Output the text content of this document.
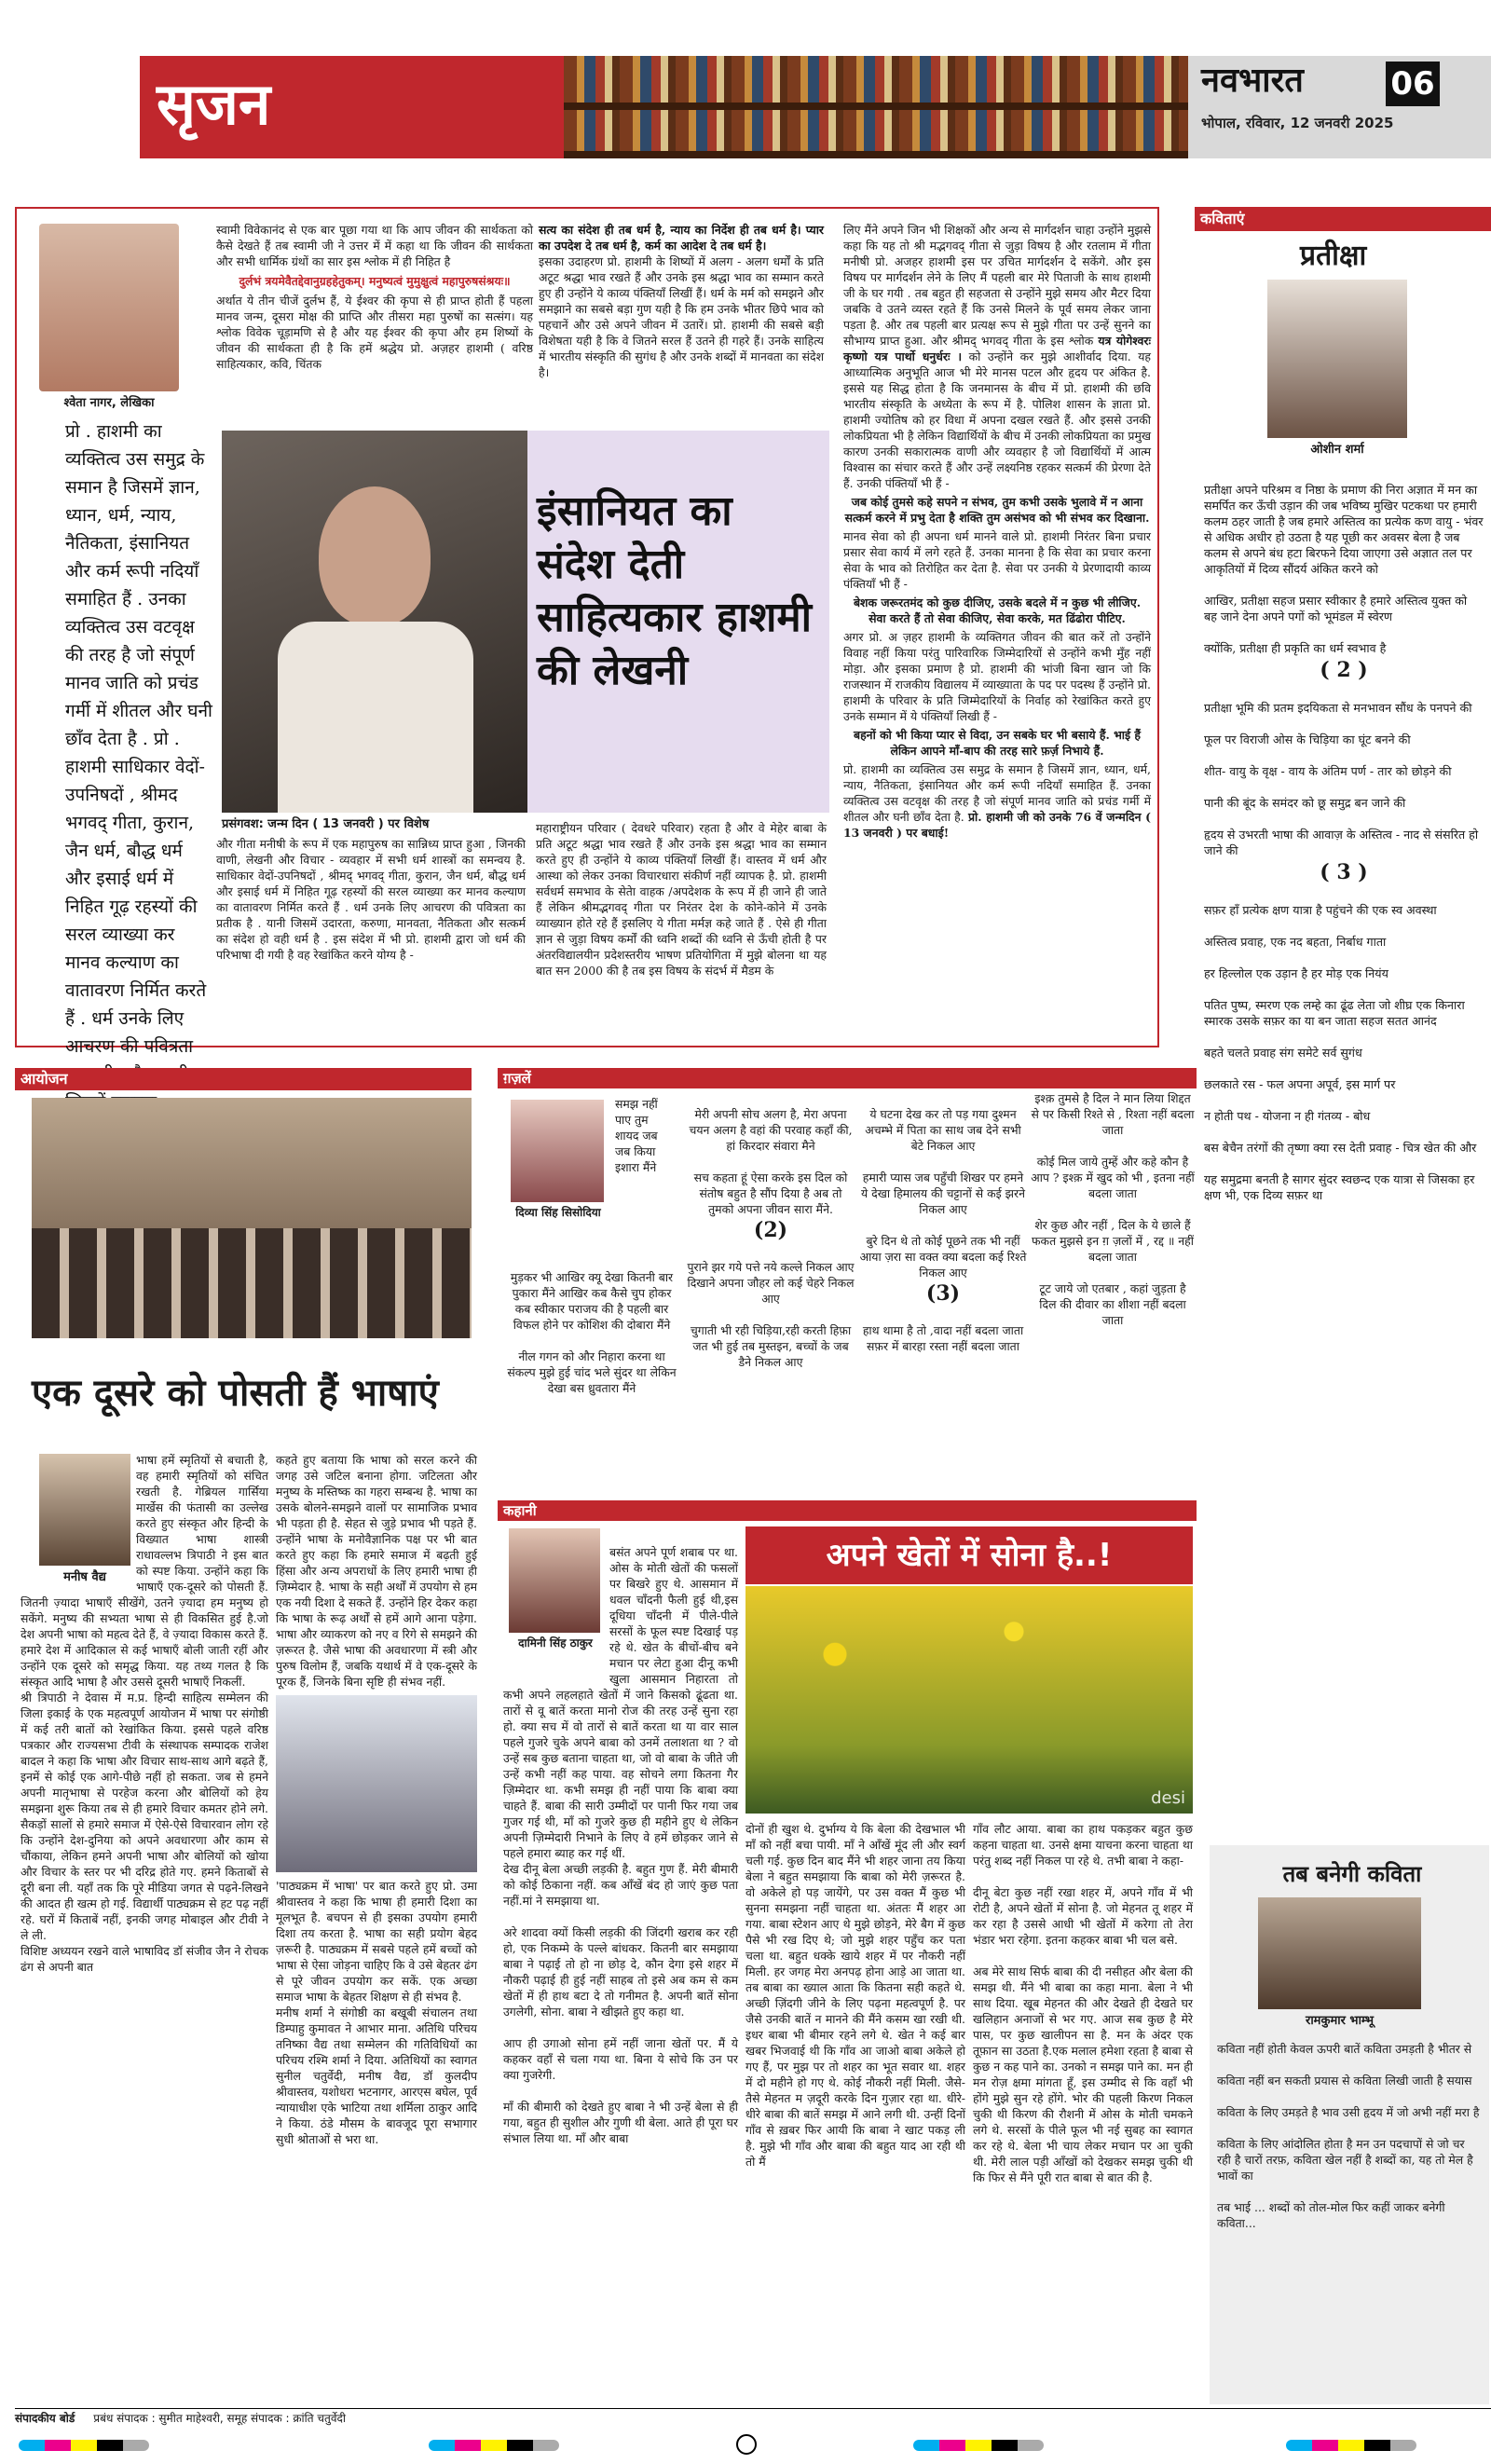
सृजन	नवभारत	06
भोपाल, रविवार, 12 जनवरी 2025
श्वेता नागर, लेखिका
प्रो . हाशमी का व्यक्तित्व उस समुद्र के समान है जिसमें ज्ञान, ध्यान, धर्म, न्याय, नैतिकता, इंसानियत और कर्म रूपी नदियाँ समाहित हैं . उनका व्यक्तित्व उस वटवृक्ष की तरह है जो संपूर्ण मानव जाति को प्रचंड गर्मी में शीतल और घनी छाँव देता है . प्रो . हाशमी साधिकार वेदों- उपनिषदों , श्रीमद भगवद् गीता, कुरान, जैन धर्म, बौद्ध धर्म और इसाई धर्म में निहित गूढ़ रहस्यों की सरल व्याख्या कर मानव कल्याण का वातावरण निर्मित करते हैं . धर्म उनके लिए आचरण की पवित्रता
स्वामी विवेकानंद से एक बार पूछा गया था कि आप जीवन की सार्थकता को कैसे देखते हैं तब स्वामी जी ने उत्तर में में कहा था कि जीवन की सार्थकता और सभी धार्मिक ग्रंथों का सार इस श्लोक में ही निहित है

दुर्लभं त्रयमेवैतद्देवानुग्रहहेतुकम्। मनुष्यत्वं मुमुक्षुत्वं महापुरुषसंश्रयः॥
अर्थात ये तीन चीजें दुर्लभ हैं, ये ईश्वर की कृपा से ही प्राप्त होती हैं पहला मानव जन्म, दूसरा मोक्ष की प्राप्ति और तीसरा महा पुरुषों का सत्संग। यह श्लोक विवेक चूड़ामणि से है और यह ईश्वर की कृपा और हम शिष्यों के जीवन की सार्थकता ही है कि हमें श्रद्धेय प्रो. अज़हर हाशमी ( वरिष्ठ साहित्यकार, कवि, चिंतक
इंसानियत का संदेश देती साहित्यकार हाशमी की लेखनी
प्रसंगवश: जन्म दिन ( 13 जनवरी ) पर विशेष
और गीता मनीषी के रूप में एक महापुरुष का सान्निध्य प्राप्त हुआ , जिनकी वाणी, लेखनी और विचार - व्यवहार में सभी धर्म शास्त्रों का समन्वय है. साधिकार वेदों-उपनिषदों , श्रीमद् भगवद् गीता, कुरान, जैन धर्म, बौद्ध धर्म और इसाई धर्म में निहित गूढ़ रहस्यों की सरल व्याख्या कर मानव कल्याण का वातावरण निर्मित करते हैं . धर्म उनके लिए आचरण की पवित्रता का प्रतीक है . यानी जिसमें उदारता, करुणा, मानवता, नैतिकता और सत्कर्म का संदेश हो वही धर्म है . इस संदेश में भी प्रो. हाशमी द्वारा जो धर्म की परिभाषा दी गयी है वह रेखांकित करने योग्य है -
सत्य का संदेश ही तब धर्म है, न्याय का निर्देश ही तब धर्म है। प्यार का उपदेश दे तब धर्म है, कर्म का आदेश दे तब धर्म है।
इसका उदाहरण प्रो. हाशमी के शिष्यों में अलग - अलग धर्मों के प्रति अटूट श्रद्धा भाव रखते हैं और उनके इस श्रद्धा भाव का सम्मान करते हुए ही उन्होंने ये काव्य पंक्तियाँ लिखीं हैं। धर्म के मर्म को समझने और समझाने का सबसे बड़ा गुण यही है कि हम उनके भीतर छिपे भाव को पहचानें और उसे अपने जीवन में उतारें। प्रो. हाशमी की सबसे बड़ी विशेषता यही है कि वे जितने सरल हैं उतने ही गहरे हैं। उनके साहित्य में भारतीय संस्कृति की सुगंध है और उनके शब्दों में मानवता का संदेश है।
महाराष्ट्रीयन परिवार ( देवधरे परिवार) रहता है और वे मेहेर बाबा के प्रति अटूट श्रद्धा भाव रखते हैं और उनके इस श्रद्धा भाव का सम्मान करते हुए ही उन्होंने ये काव्य पंक्तियाँ लिखीं हैं। वास्तव में धर्म और आस्था को लेकर उनका विचारधारा संकीर्ण नहीं व्यापक है. प्रो. हाशमी सर्वधर्म समभाव के सेतेा वाहक /अपदेशक के रूप में ही जाने ही जाते हैं लेकिन श्रीमद्भगवद् गीता पर निरंतर देश के कोने-कोने में उनके व्याख्यान होते रहे हैं इसलिए ये गीता मर्मज्ञ कहे जाते हैं . ऐसे ही गीता ज्ञान से जुड़ा विषय कर्मों की ध्वनि शब्दों की ध्वनि से ऊँची होती है पर अंतरविद्यालयीन प्रदेशस्तरीय भाषण प्रतियोगिता में मुझे बोलना था यह बात सन 2000 की है तब इस विषय के संदर्भ में मैडम के
लिए मैंने अपने जिन भी शिक्षकों और अन्य से मार्गदर्शन चाहा उन्होंने मुझसे कहा कि यह तो श्री मद्भगवद् गीता से जुड़ा विषय है और रतलाम में गीता मनीषी प्रो. अजहर हाशमी इस पर उचित मार्गदर्शन दे सकेंगे. और इस विषय पर मार्गदर्शन लेने के लिए मैं पहली बार मेरे पिताजी के साथ हाशमी जी के घर गयी . तब बहुत ही सहजता से उन्होंने मुझे समय और मैटर दिया जबकि वे उतने व्यस्त रहते हैं कि उनसे मिलने के पूर्व समय लेकर जाना पड़ता है. और तब पहली बार प्रत्यक्ष रूप से मुझे गीता पर उन्हें सुनने का सौभाग्य प्राप्त हुआ. और श्रीमद् भगवद् गीता के इस श्लोक यत्र योगेश्वरः कृष्णो यत्र पार्थो धनुर्धरः । को उन्होंने कर मुझे आशीर्वाद दिया. यह आध्यात्मिक अनुभूति आज भी मेरे मानस पटल और हृदय पर अंकित है. इससे यह सिद्ध होता है कि जनमानस के बीच में प्रो. हाशमी की छवि भारतीय संस्कृति के अध्येता के रूप में है. पोलिश शासन के ज्ञाता प्रो. हाशमी ज्योतिष को हर विधा में अपना दखल रखते हैं. और इससे उनकी लोकप्रियता भी है लेकिन विद्यार्थियों के बीच में उनकी लोकप्रियता का प्रमुख कारण उनकी सकारात्मक वाणी और व्यवहार है जो विद्यार्थियों में आत्म विश्वास का संचार करते हैं और उन्हें लक्ष्यनिष्ठ रहकर सत्कर्म की प्रेरणा देते हैं. उनकी पंक्तियाँ भी हैं -
जब कोई तुमसे कहे सपने न संभव, तुम कभी उसके भुलावे में न आना सत्कर्म करने में प्रभु देता है शक्ति तुम असंभव को भी संभव कर दिखाना.
मानव सेवा को ही अपना धर्म मानने वाले प्रो. हाशमी निरंतर बिना प्रचार प्रसार सेवा कार्य में लगे रहते हैं. उनका मानना है कि सेवा का प्रचार करना सेवा के भाव को तिरोहित कर देता है. सेवा पर उनकी ये प्रेरणादायी काव्य पंक्तियाँ भी हैं -
बेशक जरूरतमंद को कुछ दीजिए, उसके बदले में न कुछ भी लीजिए. सेवा करते हैं तो सेवा कीजिए, सेवा करके, मत ढिंढोरा पीटिए.
अगर प्रो. अ ज़हर हाशमी के व्यक्तिगत जीवन की बात करें तो उन्होंने विवाह नहीं किया परंतु पारिवारिक जिम्मेदारियों से उन्होंने कभी मुँह नहीं मोड़ा. और इसका प्रमाण है प्रो. हाशमी की भांजी बिना खान जो कि राजस्थान में राजकीय विद्यालय में व्याख्याता के पद पर पदस्थ हैं उन्होंने प्रो. हाशमी के परिवार के प्रति जिम्मेदारियों के निर्वाह को रेखांकित करते हुए उनके सम्मान में ये पंक्तियाँ लिखी हैं -
बहनों को भी किया प्यार से विदा, उन सबके घर भी बसाये हैं. भाई हैं लेकिन आपने माँ-बाप की तरह सारे फ़र्ज़ निभाये हैं.
प्रो. हाशमी का व्यक्तित्व उस समुद्र के समान है जिसमें ज्ञान, ध्यान, धर्म, न्याय, नैतिकता, इंसानियत और कर्म रूपी नदियाँ समाहित हैं. उनका व्यक्तित्व उस वटवृक्ष की तरह है जो संपूर्ण मानव जाति को प्रचंड गर्मी में शीतल और घनी छाँव देता है. प्रो. हाशमी जी को उनके 76 वें जन्मदिन ( 13 जनवरी ) पर बधाई!
कविताएं
प्रतीक्षा
ओशीन शर्मा

प्रतीक्षा अपने परिश्रम व निष्ठा के प्रमाण की निरा अज्ञात में मन का समर्पित कर ऊँची उड़ान की जब भविष्य मुखिर पटकथा पर हमारी कलम ठहर जाती है जब हमारे अस्तित्व का प्रत्येक कण वायु - भंवर से अधिक अधीर हो उठता है यह पूछी कर अवसर बेला है जब कलम से अपने बंध हटा बिरफने दिया जाएगा उसे अज्ञात तल पर आकृतियों में दिव्य सौंदर्य अंकित करने को

आखिर, प्रतीक्षा सहज प्रसार स्वीकार है हमारे अस्तित्व युक्त को बह जाने देना अपने पगों को भूमंडल में स्वेरण

क्योंकि, प्रतीक्षा ही प्रकृति का धर्म स्वभाव है

( 2 )

प्रतीक्षा भूमि की प्रतम इदयिकता से मनभावन सौंध के पनपने की

फूल पर विराजी ओस के चिड़िया का घूंट बनने की

शीत- वायु के वृक्ष - वाय के अंतिम पर्ण - तार को छोड़ने की

पानी की बूंद के समंदर को छू समुद्र बन जाने की

हृदय से उभरती भाषा की आवाज़ के अस्तित्व - नाद से संसरित हो जाने की

( 3 )

सफ़र हाँ प्रत्येक क्षण यात्रा है पहुंचने की एक स्व अवस्था

अस्तित्व प्रवाह, एक नद बहता, निर्बाध गाता

हर हिल्लोल एक उड़ान है हर मोड़ एक नियंय

पतित पुष्प, स्मरण एक लम्हे का ढूंढ लेता जो शीघ्र एक किनारा स्मारक उसके सफ़र का या बन जाता सहज सतत आनंद

बहते चलते प्रवाह संग समेटे सर्व सुगंध

छलकाते रस - फल अपना अपूर्व, इस मार्ग पर

न होती पथ - योजना न ही गंतव्य - बोध

बस बेचैन तरंगों की तृष्णा क्या रस देती प्रवाह - चित्र खेत की और

यह समुद्रमा बनती है सागर सुंदर स्वछन्द एक यात्रा से जिसका हर क्षण भी, एक दिव्य सफ़र था

तब बनेगी कविता
रामकुमार भाम्भू
कविता नहीं होती केवल ऊपरी बातें कविता उमड़ती है भीतर से

कविता नहीं बन सकती प्रयास से कविता लिखी जाती है सयास

कविता के लिए उमड़ते है भाव उसी हृदय में जो अभी नहीं मरा है

कविता के लिए आंदोलित होता है मन उन पदचापों से जो चर रही है चारों तरफ़, कविता खेल नहीं है शब्दों का, यह तो मेल है भावों का

तब भाई ... शब्दों को तोल-मोल फिर कहीं जाकर बनेगी कविता...
आयोजन
एक दूसरे को पोसती हैं भाषाएं
मनीष वैद्य
भाषा हमें स्मृतियों से बचाती है, वह हमारी स्मृतियों को संचित रखती है. गेब्रियल गार्सिया मार्खेस की फंतासी का उल्लेख करते हुए संस्कृत और हिन्दी के विख्यात भाषा शास्त्री राधावल्लभ त्रिपाठी ने इस बात को स्पष्ट किया. उन्होंने कहा कि भाषाएँ एक-दूसरे को पोसती हैं. जितनी ज़्यादा भाषाएँ सीखेंगे, उतने ज़्यादा हम मनुष्य हो सकेंगे. मनुष्य की सभ्यता भाषा से ही विकसित हुई है.जो देश अपनी भाषा को महत्व देते हैं, वे ज़्यादा विकास करते हैं. हमारे देश में आदिकाल से कई भाषाएँ बोली जाती रहीं और उन्होंने एक दूसरे को समृद्ध किया. यह तथ्य गलत है कि संस्कृत आदि भाषा है और उससे दूसरी भाषाएँ निकलीं.
श्री त्रिपाठी ने देवास में म.प्र. हिन्दी साहित्य सम्मेलन की जिला इकाई के एक महत्वपूर्ण आयोजन में भाषा पर संगोष्ठी में कई तरी बातों को रेखांकित किया. इससे पहले वरिष्ठ पत्रकार और राज्यसभा टीवी के संस्थापक सम्पादक राजेश बादल ने कहा कि भाषा और विचार साथ-साथ आगे बढ़ते हैं, इनमें से कोई एक आगे-पीछे नहीं हो सकता. जब से हमने अपनी मातृभाषा से परहेज करना और बोलियों को हेय समझना शुरू किया तब से ही हमारे विचार कमतर होने लगे. सैकड़ों सालों से हमारे समाज में ऐसे-ऐसे विचारवान लोग रहे कि उन्होंने देश-दुनिया को अपने अवधारणा और काम से चौंकाया, लेकिन हमने अपनी भाषा और बोलियों को खोया और विचार के स्तर पर भी दरिद्र होते गए. हमने किताबों से दूरी बना ली. यहाँ तक कि पूरे मीडिया जगत से पढ़ने-लिखने की आदत ही खत्म हो गई. विद्यार्थी पाठ्यक्रम से हट पढ़ नहीं रहे. घरों में किताबें नहीं, इनकी जगह मोबाइल और टीवी ने ले ली.
विशिष्ट अध्ययन रखने वाले भाषाविद डॉ संजीव जैन ने रोचक ढंग से अपनी बात
कहते हुए बताया कि भाषा को सरल करने की जगह उसे जटिल बनाना होगा. जटिलता और मनुष्य के मस्तिष्क का गहरा सम्बन्ध है. भाषा का उसके बोलने-समझने वालों पर सामाजिक प्रभाव भी पड़ता ही है. सेहत से जुड़े प्रभाव भी पड़ते हैं. उन्होंने भाषा के मनोवैज्ञानिक पक्ष पर भी बात करते हुए कहा कि हमारे समाज में बढ़ती हुई हिंसा और अन्य अपराधों के लिए हमारी भाषा ही ज़िम्मेदार है. भाषा के सही अर्थों में उपयोग से हम एक नयी दिशा दे सकते हैं. उन्होंने हिर देकर कहा कि भाषा के रूढ़ अर्थों से हमें आगे आना पड़ेगा. भाषा और व्याकरण को नए व रिगे से समझने की ज़रूरत है. जैसे भाषा की अवधारणा में स्त्री और पुरुष विलोम हैं, जबकि यथार्थ में वे एक-दूसरे के पूरक हैं, जिनके बिना सृष्टि ही संभव नहीं.
'पाठ्यक्रम में भाषा' पर बात करते हुए प्रो. उमा श्रीवास्तव ने कहा कि भाषा ही हमारी दिशा का मूलभूत है. बचपन से ही इसका उपयोग हमारी दिशा तय करता है. भाषा का सही प्रयोग बेहद ज़रूरी है. पाठ्यक्रम में सबसे पहले हमें बच्चों को भाषा से ऐसा जोड़ना चाहिए कि वे उसे बेहतर ढंग से पूरे जीवन उपयोग कर सकें. एक अच्छा समाज भाषा के बेहतर शिक्षण से ही संभव है.
मनीष शर्मा ने संगोष्ठी का बखूबी संचालन तथा डिम्पाहु कुमावत ने आभार माना. अतिथि परिचय तनिष्का वैद्य तथा सम्मेलन की गतिविधियों का परिचय रश्मि शर्मा ने दिया. अतिथियों का स्वागत सुनील चतुर्वेदी, मनीष वैद्य, डॉ कुलदीप श्रीवास्तव, यशोधरा भटनागर, आरएस बघेल, पूर्व न्यायाधीश एके भाटिया तथा शर्मिला ठाकुर आदि ने किया. ठंडे मौसम के बावजूद पूरा सभागार सुधी श्रोताओं से भरा था.
ग़ज़लें
दिव्या सिंह सिसोदिया
समझ नहीं पाए तुम शायद जब जब किया इशारा मैंने
मुड़कर भी आखिर क्यू देखा कितनी बार पुकारा मैंने आखिर कब कैसे चुप होकर कब स्वीकार पराजय की है पहली बार विफल होने पर कोशिश की दोबारा मैंने

नील गगन को और निहारा करना था संकल्प मुझे हुई चांद भले सुंदर था लेकिन देखा बस ध्रुवतारा मैंने

मेरी अपनी सोच अलग है, मेरा अपना चयन अलग है वहां की परवाह कहाँ की, हां किरदार संवारा मैने

सच कहता हूं ऐसा करके इस दिल को संतोष बहुत है सौंप दिया है अब तो तुमको अपना जीवन सारा मैंने.

(2)

पुराने झर गये पत्ते नये कल्ले निकल आए दिखाने अपना जौहर लो कई चेहरे निकल आए

चुगाती भी रही चिड़िया,रही करती हिफ़ा जत भी हुई तब मुस्तइन, बच्चों के जब डैने निकल आए

ये घटना देख कर तो पड़ गया दुश्मन अचम्भे में पिता का साथ जब देने सभी बेटे निकल आए

हमारी प्यास जब पहुँची शिखर पर हमने ये देखा हिमालय की चट्टानों से कई झरने निकल आए

बुरे दिन थे तो कोई पूछने तक भी नहीं आया ज़रा सा वक्त क्या बदला कई रिश्ते निकल आए

(3)

हाथ थामा है तो ,वादा नहीं बदला जाता सफ़र में बारहा रस्ता नहीं बदला जाता

इश्क़ तुमसे है दिल ने मान लिया शिद्दत से पर किसी रिश्ते से , रिश्ता नहीं बदला जाता

कोई मिल जाये तुम्हें और कहे कौन है आप ? इश्क़ में खुद को भी , इतना नहीं बदला जाता

शेर कुछ और नहीं , दिल के ये छाले हैं फकत मुझसे इन ग़ ज़लों में , रद्द ॥ नहीं बदला जाता

टूट जाये जो एतबार , कहां जुड़ता है दिल की दीवार का शीशा नहीं बदला जाता
कहानी
दामिनी सिंह ठाकुर
अपने खेतों में सोना है..!
desi

बसंत अपने पूर्ण शबाब पर था. ओस के मोती खेतों की फसलों पर बिखरे हुए थे. आसमान में धवल चाँदनी फैली हुई थी,इस दूधिया चाँदनी में पीले-पीले सरसों के फूल स्पष्ट दिखाई पड़ रहे थे. खेत के बीचों-बीच बने मचान पर लेटा हुआ दीनू कभी खुला आसमान निहारता तो कभी अपने लहलहाते खेतों में जाने किसको ढूंढता था. तारों से वू बातें करता मानो रोज की तरह उन्हें सुना रहा हो. क्या सच में वो तारों से बातें करता था या वार साल पहले गुजरे चुके अपने बाबा को उनमें तलाशता था ? वो उन्हें सब कुछ बताना चाहता था, जो वो बाबा के जीते जी उन्हें कभी नहीं कह पाया. वह सोचने लगा कितना गैर ज़िम्मेदार था. कभी समझ ही नहीं पाया कि बाबा क्या चाहते हैं. बाबा की सारी उम्मीदों पर पानी फिर गया जब गुजर गई थी, माँ को गुजरे कुछ ही महीने हुए थे लेकिन अपनी ज़िम्मेदारी निभाने के लिए वे हमें छोड़कर जाने से पहले हमारा ब्याह कर गई थीं.
देख दीनू बेला अच्छी लड़की है. बहुत गुण हैं. मेरी बीमारी को कोई ठिकाना नहीं. कब आँखें बंद हो जाएं कुछ पता नहीं.मां ने समझाया था.

अरे शादवा क्यों किसी लड़की की जिंदगी खराब कर रही हो, एक निकम्मे के पल्ले बांधकर. कितनी बार समझाया बाबा ने पढ़ाई तो हो ना छोड़ दे, कौन देगा इसे शहर में नौकरी पढ़ाई ही हुई नहीं साहब तो इसे अब कम से कम खेतों में ही हाथ बटा दे तो गनीमत है. अपनी बातें सोना उगलेगी, सोना. बाबा ने खीझते हुए कहा था.

आप ही उगाओ सोना हमें नहीं जाना खेतों पर. मैं ये कहकर वहाँ से चला गया था. बिना ये सोचे कि उन पर क्या गुजरेगी.

माँ की बीमारी को देखते हुए बाबा ने भी उन्हें बेला से ही गया, बहुत ही सुशील और गुणी थी बेला. आते ही पूरा घर संभाल लिया था. माँ और बाबा

दोनों ही खुश थे. दुर्भाग्य ये कि बेला की देखभाल भी माँ को नहीं बचा पायी. माँ ने आँखें मूंद ली और स्वर्ग चली गई. कुछ दिन बाद मैंने भी शहर जाना तय किया बेला ने बहुत समझाया कि बाबा को मेरी ज़रूरत है. वो अकेले हो पड़ जायेंगे, पर उस वक्त मैं कुछ भी सुनना समझना नहीं चाहता था. अंततः मैं शहर आ गया. बाबा स्टेशन आए थे मुझे छोड़ने, मेरे बैग में कुछ पैसे भी रख दिए थे; जो मुझे शहर पहुँच कर पता चला था. बहुत धक्के खाये शहर में पर नौकरी नहीं मिली. हर जगह मेरा अनपढ़ होना आड़े आ जाता था. तब बाबा का ख्याल आता कि कितना सही कहते थे. अच्छी ज़िंदगी जीने के लिए पढ़ना महत्वपूर्ण है. पर जैसे उनकी बातें न मानने की मैंने कसम खा रखी थी. इधर बाबा भी बीमार रहने लगे थे. खेत ने कई बार खबर भिजवाई थी कि गाँव आ जाओ बाबा अकेले हो गए हैं, पर मुझ पर तो शहर का भूत सवार था. शहर में दो महीने हो गए थे. कोई नौकरी नहीं मिली. जैसे-तैसे मेहनत म ज़दूरी करके दिन गुज़ार रहा था. धीरे-धीरे बाबा की बातें समझ में आने लगी थी. उन्हीं दिनों गाँव से ख़बर फिर आयी कि बाबा ने खाट पकड़ ली है. मुझे भी गाँव और बाबा की बहुत याद आ रही थी तो मैं
गाँव लौट आया. बाबा का हाथ पकड़कर बहुत कुछ कहना चाहता था. उनसे क्षमा याचना करना चाहता था परंतु शब्द नहीं निकल पा रहे थे. तभी बाबा ने कहा-

दीनू बेटा कुछ नहीं रखा शहर में, अपने गाँव में भी रोटी है, अपने खेतों में सोना है. जो मेहनत तू शहर में कर रहा है उससे आधी भी खेतों में करेगा तो तेरा भंडार भरा रहेगा. इतना कहकर बाबा भी चल बसे.

अब मेरे साथ सिर्फ बाबा की दी नसीहत और बेला की समझ थी. मैंने भी बाबा का कहा माना. बेला ने भी साथ दिया. खूब मेहनत की और देखते ही देखते घर खलिहान अनाजों से भर गए. आज सब कुछ है मेरे पास, पर कुछ खालीपन सा है. मन के अंदर एक तूफ़ान सा उठता है.एक मलाल हमेशा रहता है बाबा से कुछ न कह पाने का. उनको न समझ पाने का. मन ही मन रोज़ क्षमा मांगता हूँ, इस उम्मीद से कि वहाँ भी होंगे मुझे सुन रहे होंगे. भोर की पहली किरण निकल चुकी थी किरण की रौशनी में ओस के मोती चमकने लगे थे. सरसों के पीले फूल भी नई सुबह का स्वागत कर रहे थे. बेला भी चाय लेकर मचान पर आ चुकी थी. मेरी लाल पड़ी आँखों को देखकर समझ चुकी थी कि फिर से मैंने पूरी रात बाबा से बात की है.
संपादकीय बोर्ड प्रबंध संपादक : सुमीत माहेश्वरी, समूह संपादक : क्रांति चतुर्वेदी
